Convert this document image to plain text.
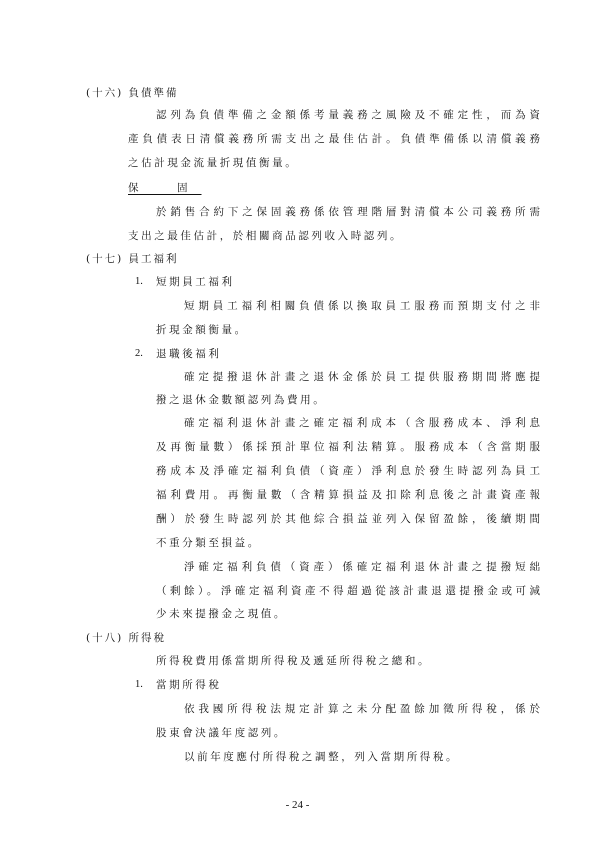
(十六) 負債準備
認列為負債準備之金額係考量義務之風險及不確定性，而為資
產負債表日清償義務所需支出之最佳估計。負債準備係以清償義務
之估計現金流量折現值衡量。
保　固
於銷售合約下之保固義務係依管理階層對清償本公司義務所需
支出之最佳估計，於相關商品認列收入時認列。
(十七) 員工福利
1. 短期員工福利
短期員工福利相關負債係以換取員工服務而預期支付之非
折現金額衡量。
2. 退職後福利
確定提撥退休計畫之退休金係於員工提供服務期間將應提
撥之退休金數額認列為費用。
確定福利退休計畫之確定福利成本（含服務成本、淨利息
及再衡量數）係採預計單位福利法精算。服務成本（含當期服
務成本及淨確定福利負債（資產）淨利息於發生時認列為員工
福利費用。再衡量數（含精算損益及扣除利息後之計畫資產報
酬）於發生時認列於其他綜合損益並列入保留盈餘，後續期間
不重分類至損益。
淨確定福利負債（資產）係確定福利退休計畫之提撥短絀
（剩餘）。淨確定福利資產不得超過從該計畫退還提撥金或可減
少未來提撥金之現值。
(十八) 所得稅
所得稅費用係當期所得稅及遞延所得稅之總和。
1. 當期所得稅
依我國所得稅法規定計算之未分配盈餘加徵所得稅，係於
股東會決議年度認列。
以前年度應付所得稅之調整，列入當期所得稅。
- 24 -
